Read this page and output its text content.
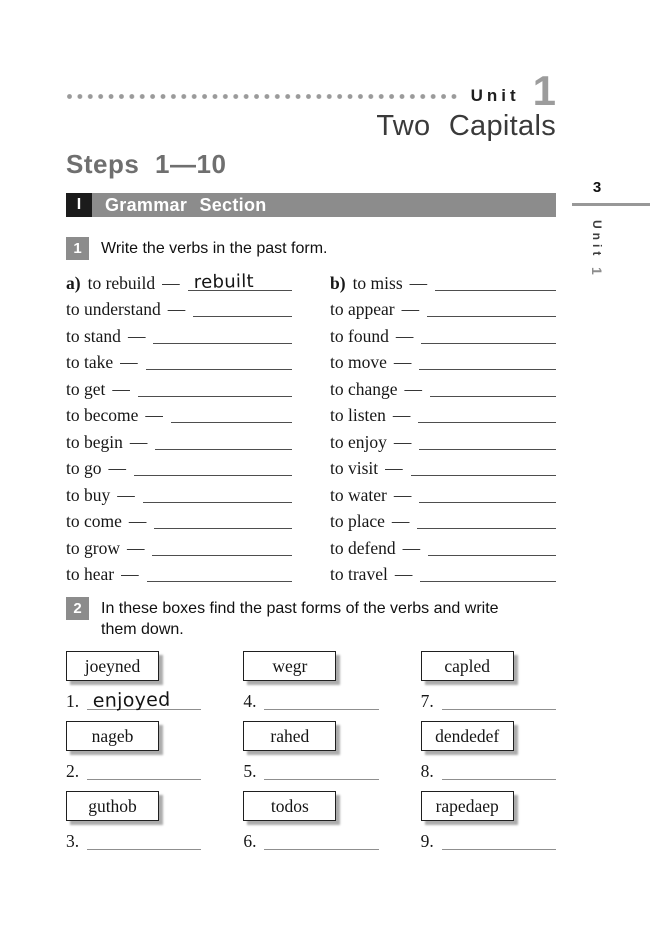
Unit 1
Two Capitals
Steps 1—10
I Grammar Section
1	Write the verbs in the past form.
a) to rebuild — rebuilt
to understand —
to stand —
to take —
to get —
to become —
to begin —
to go —
to buy —
to come —
to grow —
to hear —
b) to miss —
to appear —
to found —
to move —
to change —
to listen —
to enjoy —
to visit —
to water —
to place —
to defend —
to travel —
2	In these boxes find the past forms of the verbs and write
them down.
joeyned
1. enjoyed
wegr
4.
capled
7.
nageb
2.
rahed
5.
dendedef
8.
guthob
3.
todos
6.
rapedaep
9.
3
Unit
1
